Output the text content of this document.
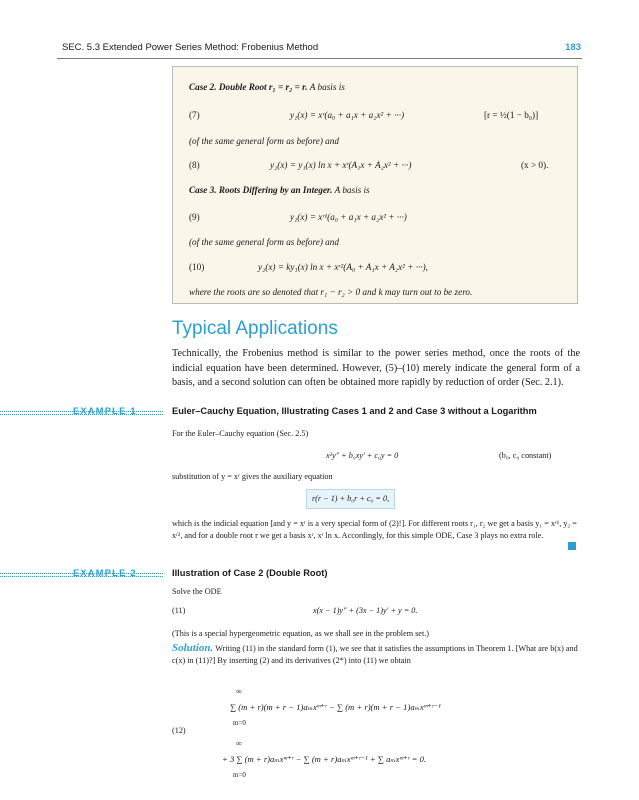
SEC. 5.3 Extended Power Series Method: Frobenius Method	183
Case 2. Double Root r₁ = r₂ = r. A basis is
(7)	y₁(x) = xʳ(a₀ + a₁x + a₂x² + ···)	[r = ½(1 − b₀)]
(of the same general form as before) and
(8)	y₂(x) = y₁(x) ln x + xʳ(A₁x + A₂x² + ···)	(x > 0).
Case 3. Roots Differing by an Integer. A basis is
(9)	y₁(x) = xʳ¹(a₀ + a₁x + a₂x² + ···)
(of the same general form as before) and
(10)	y₂(x) = ky₁(x) ln x + xʳ²(A₀ + A₁x + A₂x² + ···),
where the roots are so denoted that r₁ − r₂ > 0 and k may turn out to be zero.
Typical Applications
Technically, the Frobenius method is similar to the power series method, once the roots of the indicial equation have been determined. However, (5)–(10) merely indicate the general form of a basis, and a second solution can often be obtained more rapidly by reduction of order (Sec. 2.1).
EXAMPLE 1	Euler–Cauchy Equation, Illustrating Cases 1 and 2 and Case 3 without a Logarithm
For the Euler–Cauchy equation (Sec. 2.5)
x²y″ + b₀xy′ + c₀y = 0	(b₀, c₀ constant)
substitution of y = xʳ gives the auxiliary equation
r(r − 1) + b₀r + c₀ = 0,
which is the indicial equation [and y = xʳ is a very special form of (2)!]. For different roots r₁, r₂ we get a basis y₁ = xʳ¹, y₂ = xʳ², and for a double root r we get a basis xʳ, xʳ ln x. Accordingly, for this simple ODE, Case 3 plays no extra role.
EXAMPLE 2	Illustration of Case 2 (Double Root)
Solve the ODE
(11)	x(x − 1)y″ + (3x − 1)y′ + y = 0.
(This is a special hypergeometric equation, as we shall see in the problem set.)
Solution. Writing (11) in the standard form (1), we see that it satisfies the assumptions in Theorem 1. [What are b(x) and c(x) in (11)?] By inserting (2) and its derivatives (2*) into (11) we obtain
(12)
∞
∞
m=0
m=0
∑ (m + r)(m + r − 1)aₘxᵐ⁺ʳ − ∑ (m + r)(m + r − 1)aₘxᵐ⁺ʳ⁻¹
+ 3 ∑ (m + r)aₘxᵐ⁺ʳ − ∑ (m + r)aₘxᵐ⁺ʳ⁻¹ + ∑ aₘxᵐ⁺ʳ = 0.
